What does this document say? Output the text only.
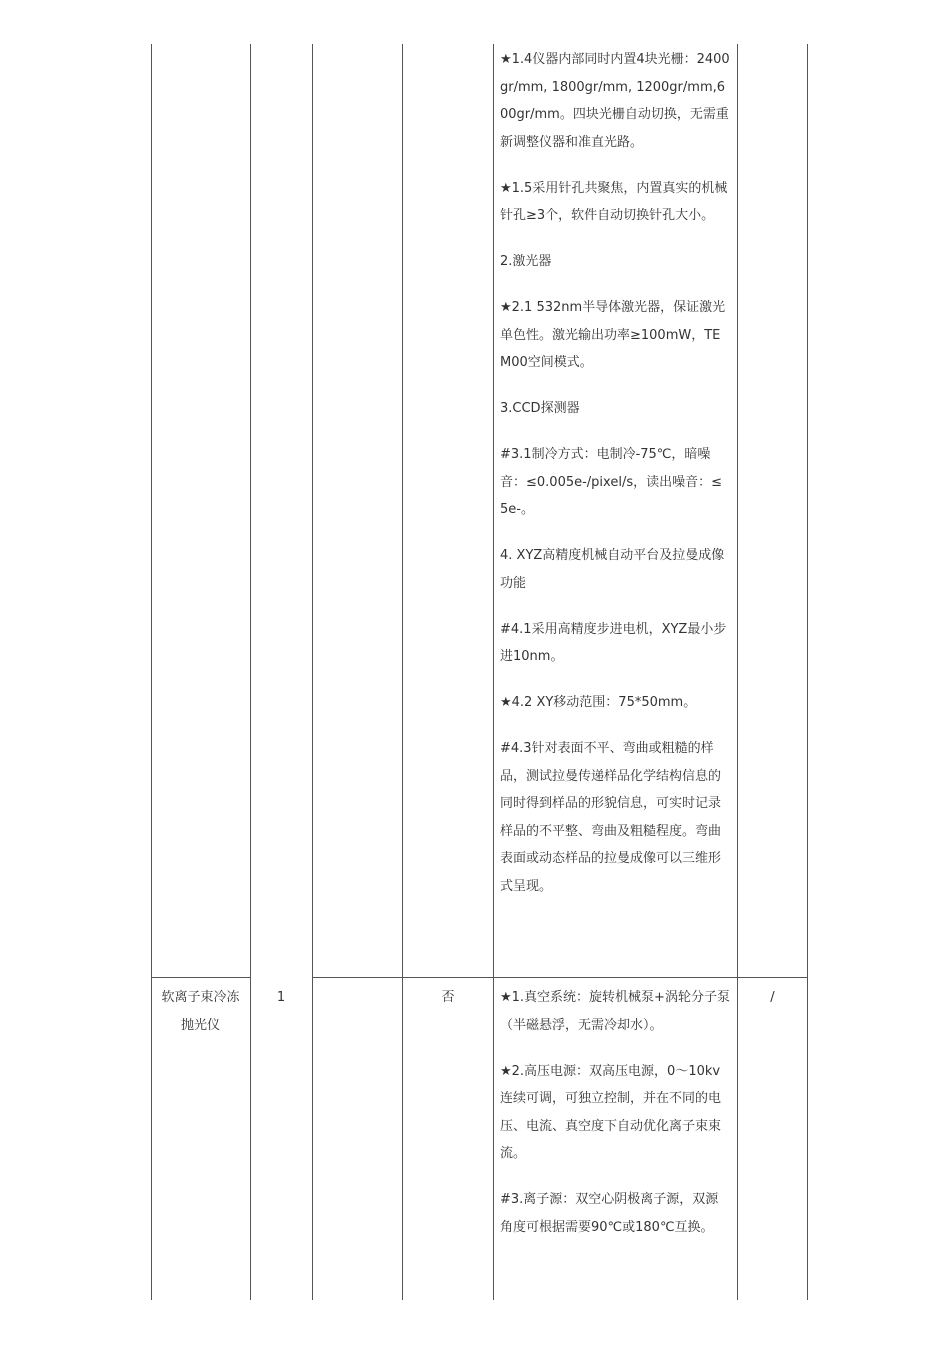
★1.4仪器内部同时内置4块光栅：2400gr/mm, 1800gr/mm, 1200gr/mm,600gr/mm。四块光栅自动切换，无需重新调整仪器和准直光路。

★1.5采用针孔共聚焦，内置真实的机械针孔≥3个，软件自动切换针孔大小。

2.激光器

★2.1 532nm半导体激光器，保证激光单色性。激光输出功率≥100mW，TEM00空间模式。

3.CCD探测器

#3.1制冷方式：电制冷-75℃，暗噪音：≤0.005e-/pixel/s，读出噪音：≤5e-。

4. XYZ高精度机械自动平台及拉曼成像功能

#4.1采用高精度步进电机，XYZ最小步进10nm。

★4.2 XY移动范围：75*50mm。

#4.3针对表面不平、弯曲或粗糙的样品，测试拉曼传递样品化学结构信息的同时得到样品的形貌信息，可实时记录样品的不平整、弯曲及粗糙程度。弯曲表面或动态样品的拉曼成像可以三维形式呈现。

软离子束冷冻抛光仪
1	否	/

★1.真空系统：旋转机械泵+涡轮分子泵（半磁悬浮，无需冷却水）。

★2.高压电源：双高压电源，0～10kv连续可调，可独立控制，并在不同的电压、电流、真空度下自动优化离子束束流。

#3.离子源：双空心阴极离子源，双源角度可根据需要90℃或180℃互换。
